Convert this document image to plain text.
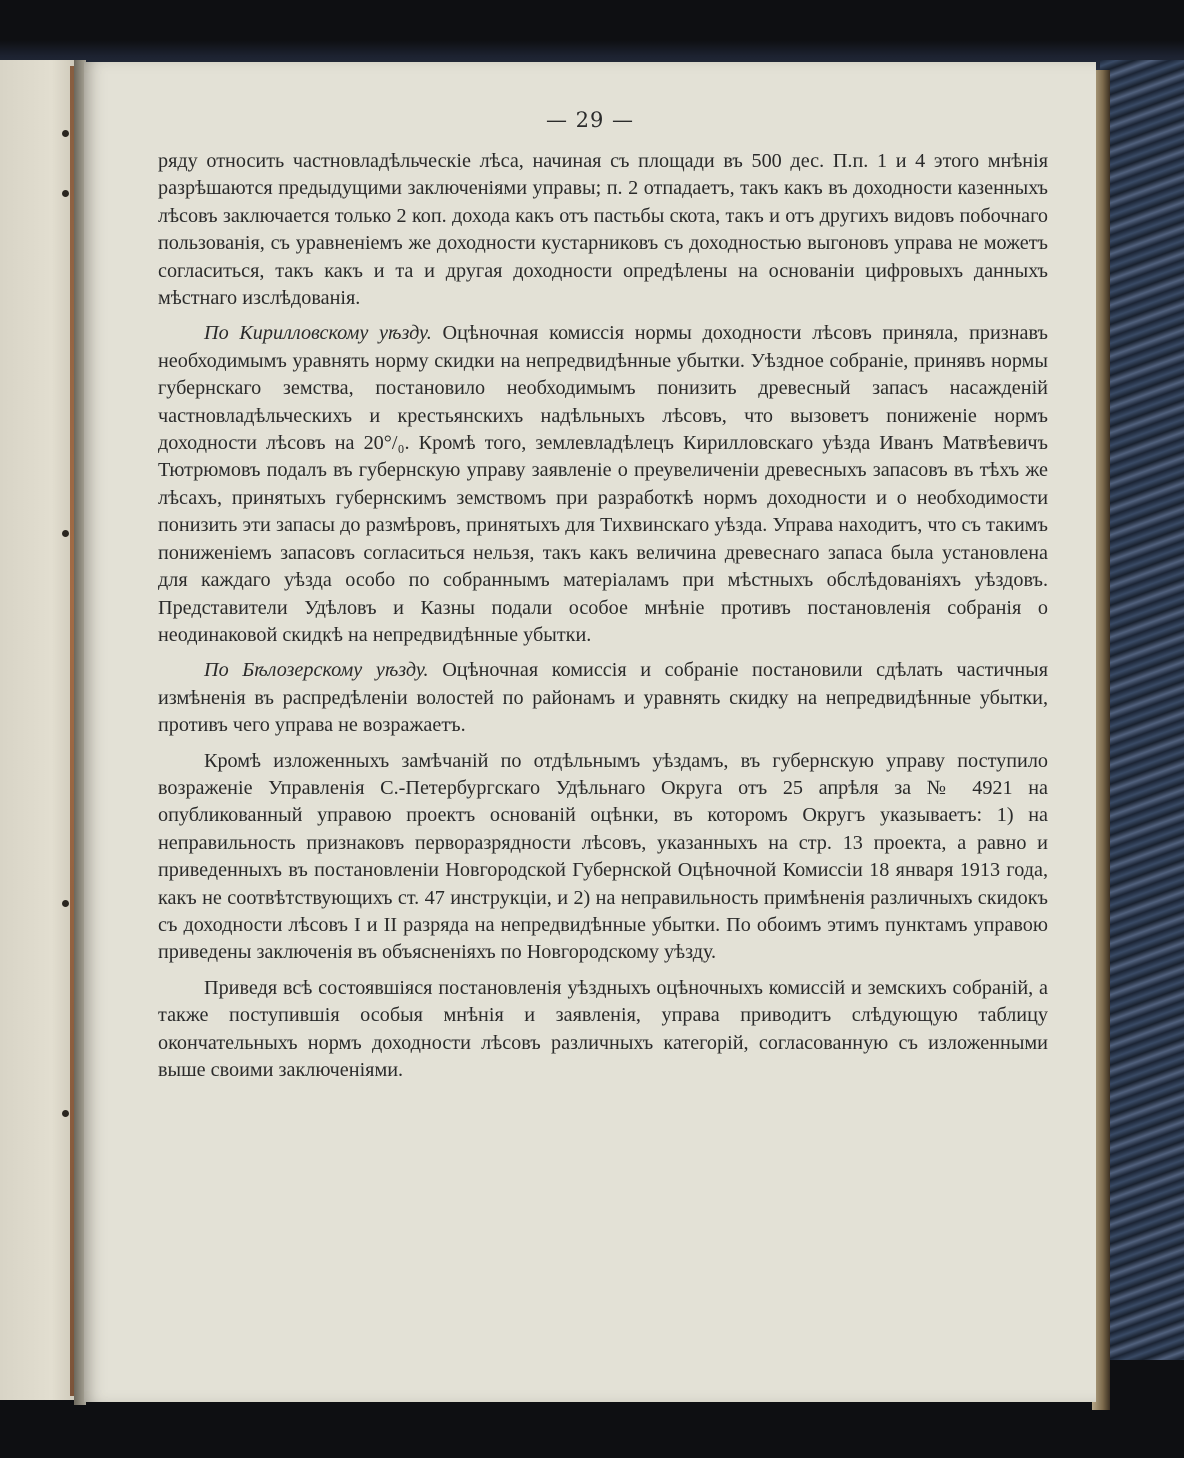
— 29 —

ряду относить частновладѣльческіе лѣса, начиная съ площади въ 500 дес. П.п. 1 и 4 этого мнѣнія разрѣшаются предыдущими заключеніями управы; п. 2 отпадаетъ, такъ какъ въ доходности казенныхъ лѣсовъ заключается только 2 коп. дохода какъ отъ пастьбы скота, такъ и отъ другихъ видовъ побочнаго пользованія, съ уравненіемъ же доходности кустарниковъ съ доходностью выгоновъ управа не можетъ согласиться, такъ какъ и та и другая доходности опредѣлены на основаніи цифровыхъ данныхъ мѣстнаго изслѣдованія.

По Кирилловскому уѣзду. Оцѣночная комиссія нормы доходности лѣсовъ приняла, признавъ необходимымъ уравнять норму скидки на непредвидѣнные убытки. Уѣздное собраніе, принявъ нормы губернскаго земства, постановило необходимымъ понизить древесный запасъ насажденій частновладѣльческихъ и крестьянскихъ надѣльныхъ лѣсовъ, что вызоветъ пониженіе нормъ доходности лѣсовъ на 20°/₀. Кромѣ того, землевладѣлецъ Кирилловскаго уѣзда Иванъ Матвѣевичъ Тютрюмовъ подалъ въ губернскую управу заявленіе о преувеличеніи древесныхъ запасовъ въ тѣхъ же лѣсахъ, принятыхъ губернскимъ земствомъ при разработкѣ нормъ доходности и о необходимости понизить эти запасы до размѣровъ, принятыхъ для Тихвинскаго уѣзда. Управа находитъ, что съ такимъ пониженіемъ запасовъ согласиться нельзя, такъ какъ величина древеснаго запаса была установлена для каждаго уѣзда особо по собраннымъ матеріаламъ при мѣстныхъ обслѣдованіяхъ уѣздовъ. Представители Удѣловъ и Казны подали особое мнѣніе противъ постановленія собранія о неодинаковой скидкѣ на непредвидѣнные убытки.

По Бѣлозерскому уѣзду. Оцѣночная комиссія и собраніе постановили сдѣлать частичныя измѣненія въ распредѣленіи волостей по районамъ и уравнять скидку на непредвидѣнные убытки, противъ чего управа не возражаетъ.

Кромѣ изложенныхъ замѣчаній по отдѣльнымъ уѣздамъ, въ губернскую управу поступило возраженіе Управленія С.-Петербургскаго Удѣльнаго Округа отъ 25 апрѣля за № 4921 на опубликованный управою проектъ основаній оцѣнки, въ которомъ Округъ указываетъ: 1) на неправильность признаковъ перворазрядности лѣсовъ, указанныхъ на стр. 13 проекта, а равно и приведенныхъ въ постановленіи Новгородской Губернской Оцѣночной Комиссіи 18 января 1913 года, какъ не соотвѣтствующихъ ст. 47 инструкціи, и 2) на неправильность примѣненія различныхъ скидокъ съ доходности лѣсовъ I и II разряда на непредвидѣнные убытки. По обоимъ этимъ пунктамъ управою приведены заключенія въ объясненіяхъ по Новгородскому уѣзду.

Приведя всѣ состоявшіяся постановленія уѣздныхъ оцѣночныхъ комиссій и земскихъ собраній, а также поступившія особыя мнѣнія и заявленія, управа приводитъ слѣдующую таблицу окончательныхъ нормъ доходности лѣсовъ различныхъ категорій, согласованную съ изложенными выше своими заключеніями.
